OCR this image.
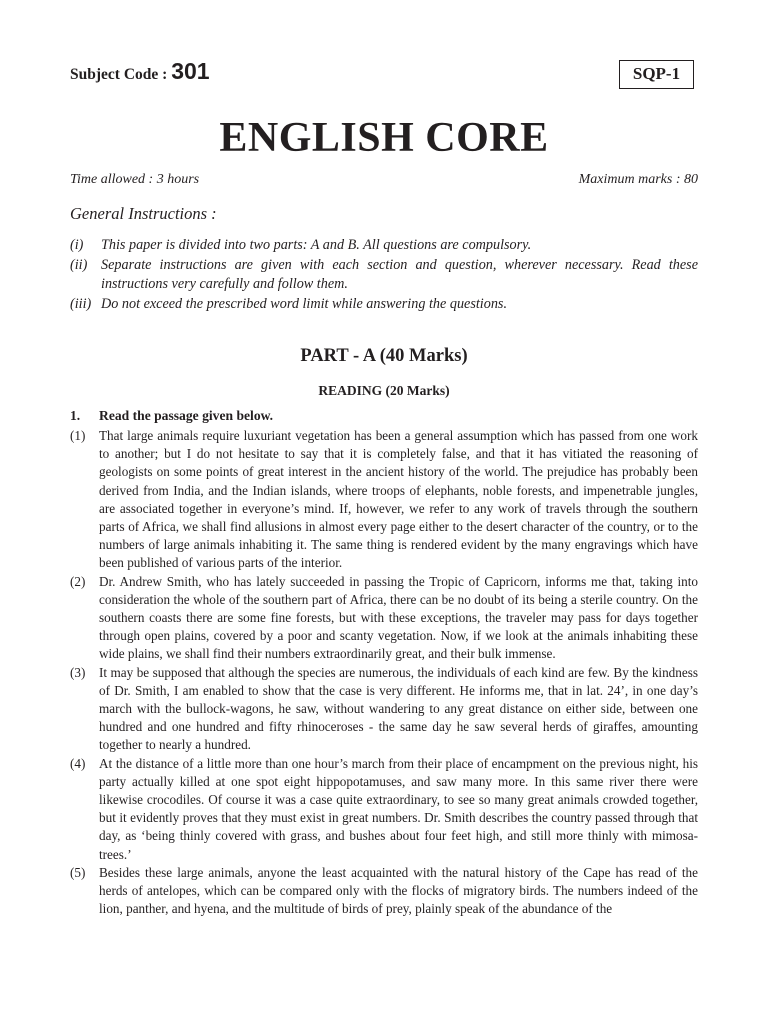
Subject Code : 301	SQP-1
ENGLISH CORE
Time allowed : 3 hours	Maximum marks : 80
General Instructions :
(i)	This paper is divided into two parts: A and B. All questions are compulsory.
(ii) Separate instructions are given with each section and question, wherever necessary. Read these instructions very carefully and follow them.
(iii) Do not exceed the prescribed word limit while answering the questions.
PART - A (40 Marks)
READING (20 Marks)
1.	Read the passage given below.
(1)	That large animals require luxuriant vegetation has been a general assumption which has passed from one work to another; but I do not hesitate to say that it is completely false, and that it has vitiated the reasoning of geologists on some points of great interest in the ancient history of the world. The prejudice has probably been derived from India, and the Indian islands, where troops of elephants, noble forests, and impenetrable jungles, are associated together in everyone’s mind. If, however, we refer to any work of travels through the southern parts of Africa, we shall find allusions in almost every page either to the desert character of the country, or to the numbers of large animals inhabiting it. The same thing is rendered evident by the many engravings which have been published of various parts of the interior.
(2)	Dr. Andrew Smith, who has lately succeeded in passing the Tropic of Capricorn, informs me that, taking into consideration the whole of the southern part of Africa, there can be no doubt of its being a sterile country. On the southern coasts there are some fine forests, but with these exceptions, the traveler may pass for days together through open plains, covered by a poor and scanty vegetation. Now, if we look at the animals inhabiting these wide plains, we shall find their numbers extraordinarily great, and their bulk immense.
(3)	It may be supposed that although the species are numerous, the individuals of each kind are few. By the kindness of Dr. Smith, I am enabled to show that the case is very different. He informs me, that in lat. 24’, in one day’s march with the bullock-wagons, he saw, without wandering to any great distance on either side, between one hundred and one hundred and fifty rhinoceroses - the same day he saw several herds of giraffes, amounting together to nearly a hundred.
(4)	At the distance of a little more than one hour’s march from their place of encampment on the previous night, his party actually killed at one spot eight hippopotamuses, and saw many more. In this same river there were likewise crocodiles. Of course it was a case quite extraordinary, to see so many great animals crowded together, but it evidently proves that they must exist in great numbers. Dr. Smith describes the country passed through that day, as ‘being thinly covered with grass, and bushes about four feet high, and still more thinly with mimosa-trees.’
(5)	Besides these large animals, anyone the least acquainted with the natural history of the Cape has read of the herds of antelopes, which can be compared only with the flocks of migratory birds. The numbers indeed of the lion, panther, and hyena, and the multitude of birds of prey, plainly speak of the abundance of the
